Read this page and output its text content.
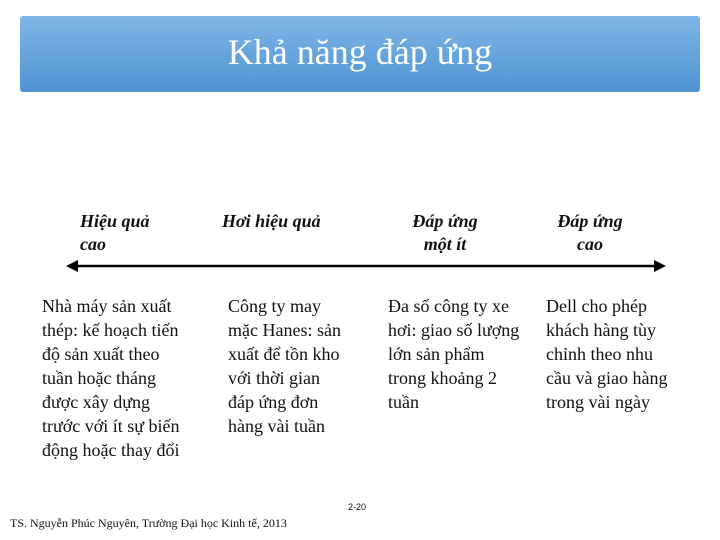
Khả năng đáp ứng
Hiệu quả
cao
Hơi hiệu quả	Đáp ứng
một ít
Đáp ứng
cao
Nhà máy sản xuất
thép: kế hoạch tiến
độ sản xuất theo
tuần hoặc tháng
được xây dựng
trước với ít sự biến
động hoặc thay đổi
Công ty may
mặc Hanes: sản
xuất để tồn kho
với thời gian
đáp ứng đơn
hàng vài tuần
Đa số công ty xe
hơi: giao số lượng
lớn sản phẩm
trong khoảng 2
tuần
Dell cho phép
khách hàng tùy
chỉnh theo nhu
cầu và giao hàng
trong vài ngày
2-20
TS. Nguyễn Phúc Nguyên, Trường Đại học Kinh tế, 2013
